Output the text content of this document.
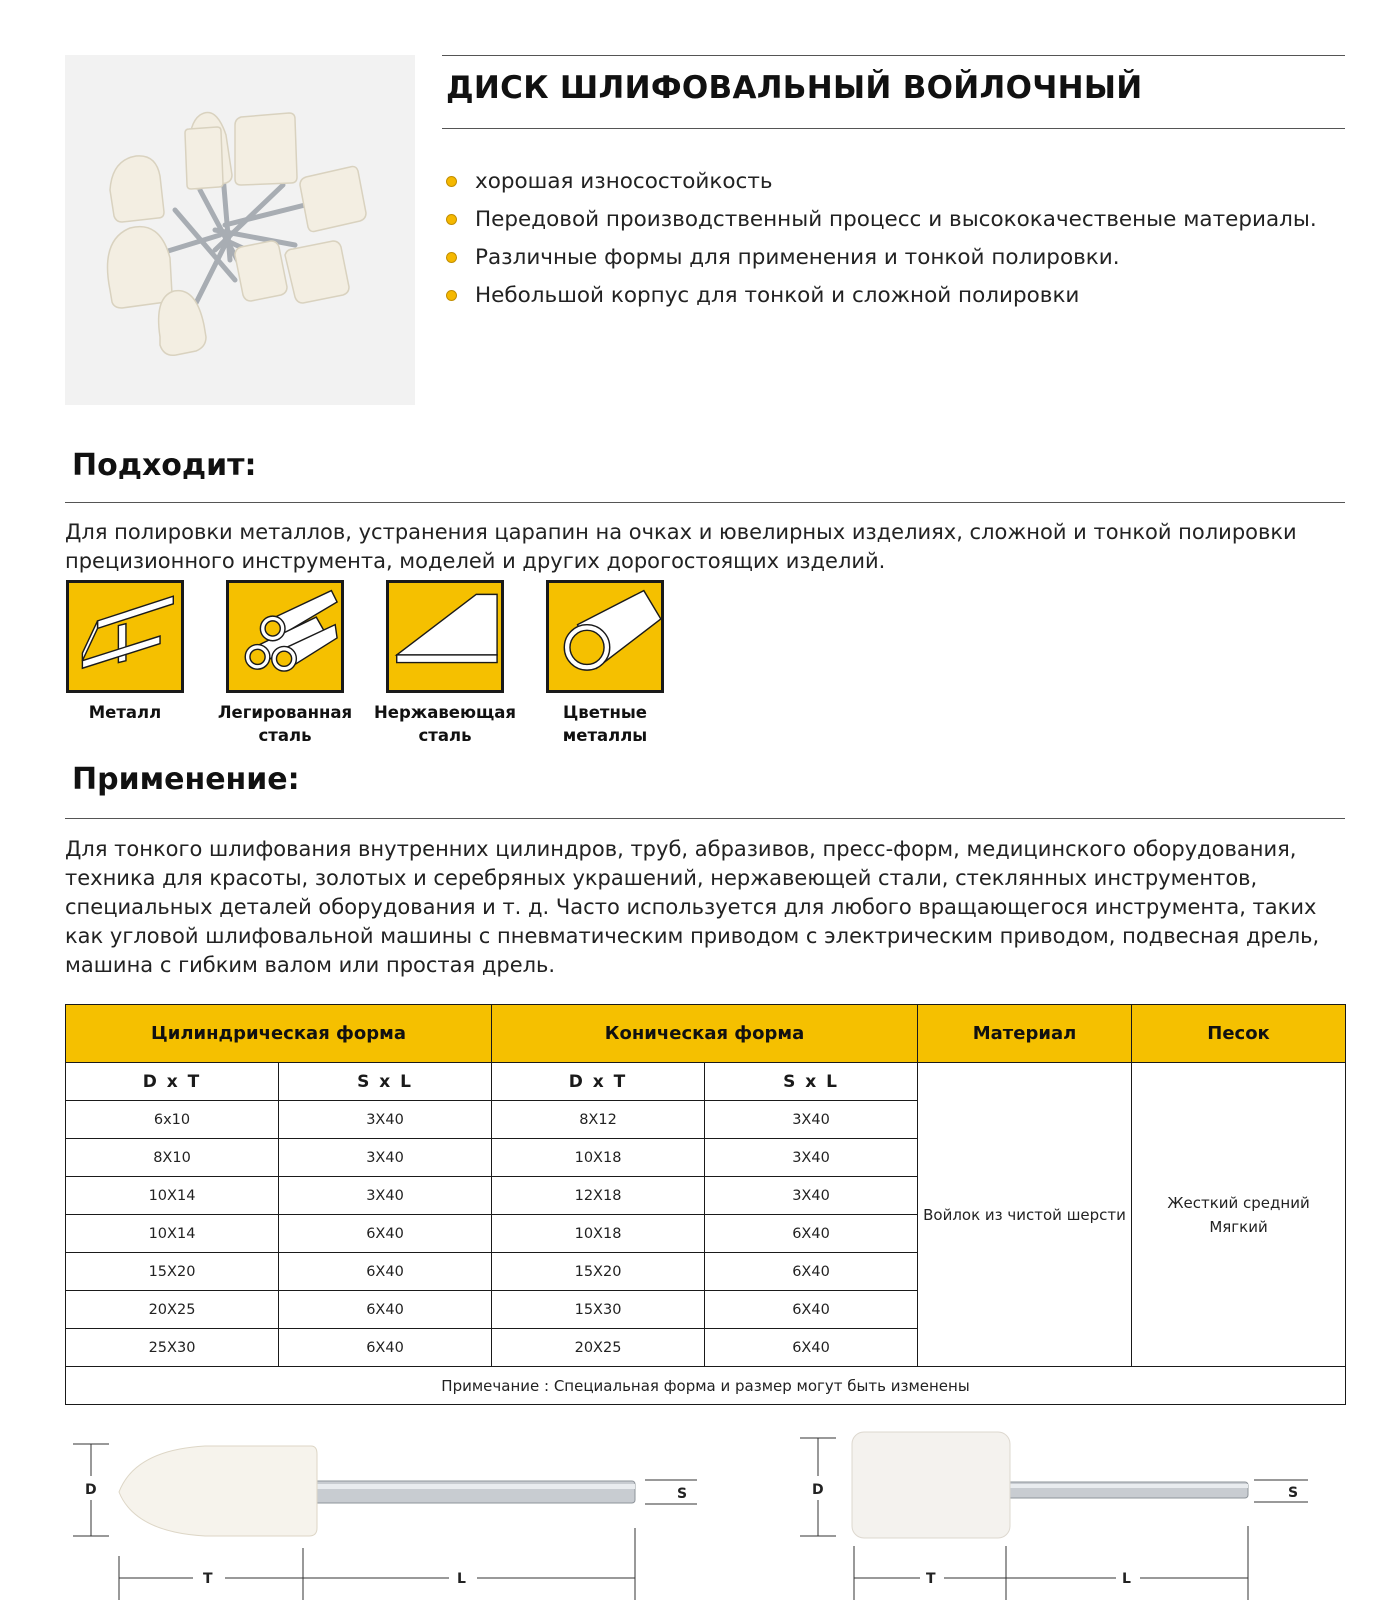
ДИСК ШЛИФОВАЛЬНЫЙ ВОЙЛОЧНЫЙ
хорошая износостойкость
Передовой производственный процесс и высококачественые материалы.
Различные формы для применения и тонкой полировки.
Небольшой корпус для тонкой и сложной полировки
Подходит:

Для полировки металлов, устранения царапин на очках и ювелирных изделиях, сложной и тонкой полировки прецизионного инструмента, моделей и других дорогостоящих изделий.

Металл	Легированная
сталь
Нержавеющая
сталь
Цветные
металлы
Применение:

Для тонкого шлифования внутренних цилиндров, труб, абразивов, пресс-форм, медицинского оборудования, техника для красоты, золотых и серебряных украшений, нержавеющей стали, стеклянных инструментов, специальных деталей оборудования и т. д. Часто используется для любого вращающегося инструмента, таких как угловой шлифовальной машины с пневматическим приводом с электрическим приводом, подвесная дрель, машина с гибким валом или простая дрель.

Цилиндрическая форма		Коническая форма		Материал	Песок
D x T	S x L	D x T	S x L	Войлок из чистой шерсти	Жесткий средний
Мягкий
6x10	3X40	8X12	3X40		
8X10	3X40	10X18	3X40		
10X14	3X40	12X18	3X40		
10X14	6X40	10X18	6X40		
15X20	6X40	15X20	6X40		
20X25	6X40	15X30	6X40		
25X30	6X40	20X25	6X40		
Примечание : Специальная форма и размер могут быть изменены					
D
T	L
S	D
T	L
S
